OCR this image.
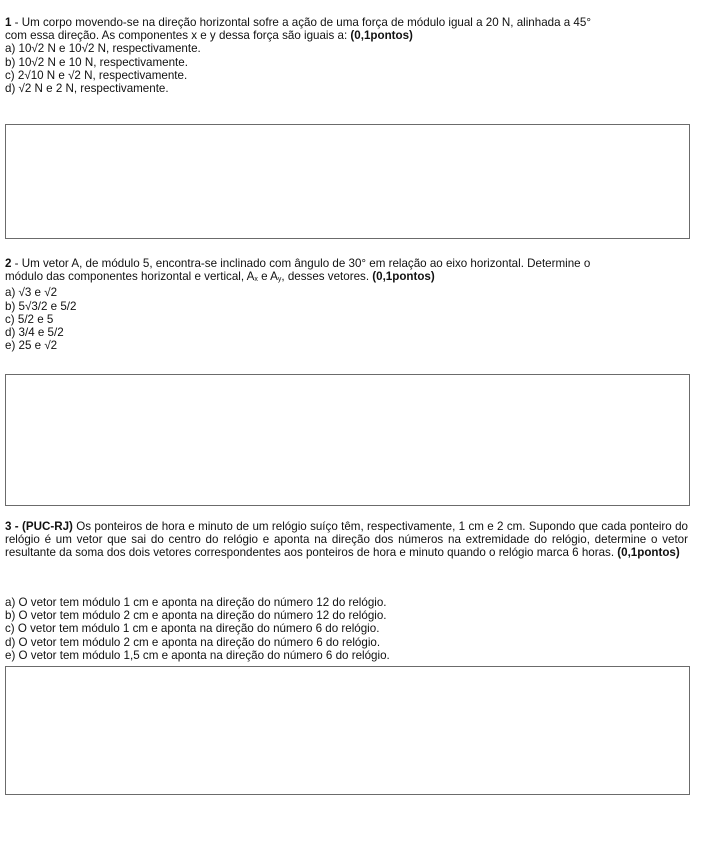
1 - Um corpo movendo-se na direção horizontal sofre a ação de uma força de módulo igual a 20 N, alinhada a 45°
com essa direção. As componentes x e y dessa força são iguais a: (0,1pontos)
a) 10√2 N e 10√2 N, respectivamente.
b) 10√2 N e 10 N, respectivamente.
c) 2√10 N e √2 N, respectivamente.
d) √2 N e 2 N, respectivamente.
2 - Um vetor A, de módulo 5, encontra-se inclinado com ângulo de 30° em relação ao eixo horizontal. Determine o
módulo das componentes horizontal e vertical, Ax e Ay, desses vetores. (0,1pontos)
a) √3 e √2
b) 5√3/2 e 5/2
c) 5/2 e 5
d) 3/4 e 5/2
e) 25 e √2
3 - (PUC-RJ) Os ponteiros de hora e minuto de um relógio suíço têm, respectivamente, 1 cm e 2 cm. Supondo que cada ponteiro do relógio é um vetor que sai do centro do relógio e aponta na direção dos números na extremidade do relógio, determine o vetor resultante da soma dos dois vetores correspondentes aos ponteiros de hora e minuto quando o relógio marca 6 horas. (0,1pontos)
a) O vetor tem módulo 1 cm e aponta na direção do número 12 do relógio.
b) O vetor tem módulo 2 cm e aponta na direção do número 12 do relógio.
c) O vetor tem módulo 1 cm e aponta na direção do número 6 do relógio.
d) O vetor tem módulo 2 cm e aponta na direção do número 6 do relógio.
e) O vetor tem módulo 1,5 cm e aponta na direção do número 6 do relógio.
